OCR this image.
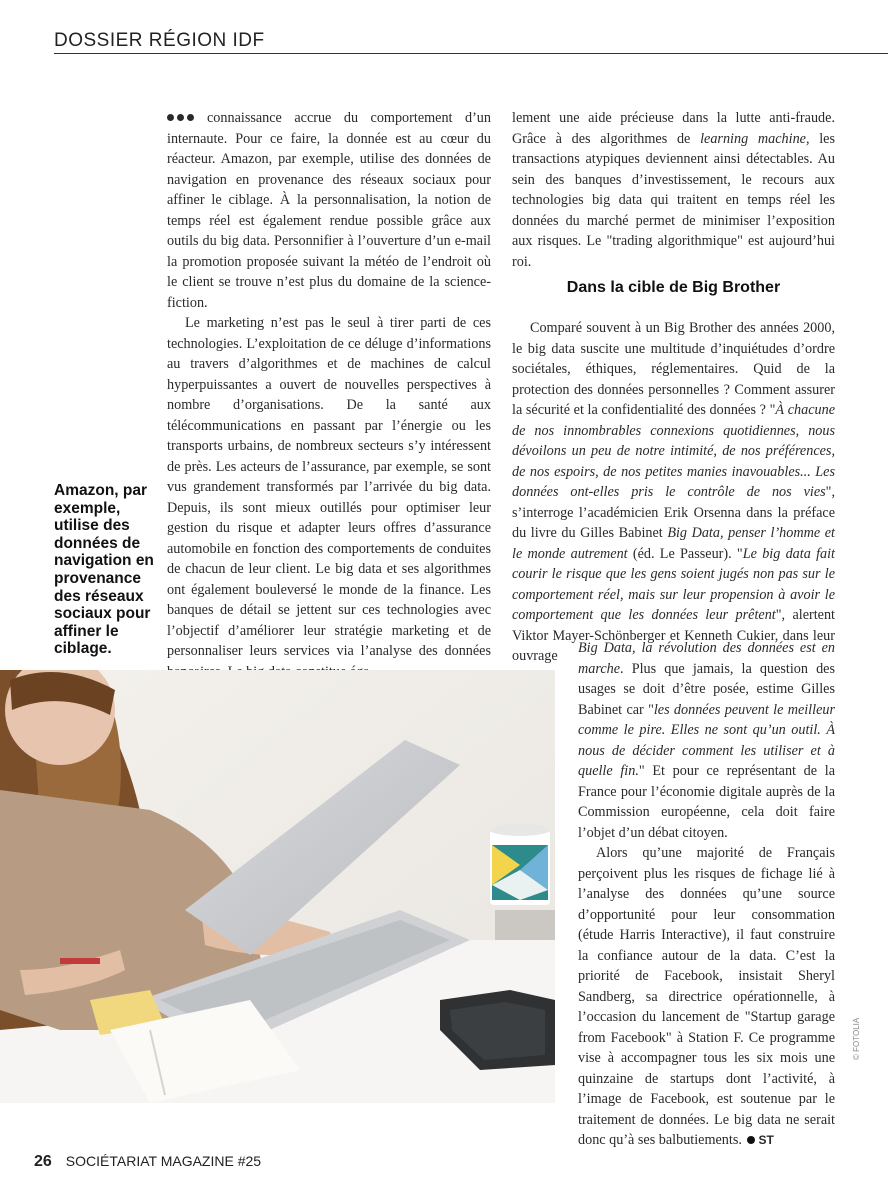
DOSSIER RÉGION IDF
Amazon, par exemple, utilise des données de navigation en provenance des réseaux sociaux pour affiner le ciblage.

connaissance accrue du comportement d’un internaute. Pour ce faire, la donnée est au cœur du réacteur. Amazon, par exemple, utilise des données de navigation en provenance des réseaux sociaux pour affiner le ciblage. À la personnalisation, la notion de temps réel est également rendue possible grâce aux outils du big data. Personnifier à l’ouverture d’un e-mail la promotion proposée suivant la météo de l’endroit où le client se trouve n’est plus du domaine de la science-fiction.

Le marketing n’est pas le seul à tirer parti de ces technologies. L’exploitation de ce déluge d’informations au travers d’algorithmes et de machines de calcul hyperpuissantes a ouvert de nouvelles perspectives à nombre d’organisations. De la santé aux télécommunications en passant par l’énergie ou les transports urbains, de nombreux secteurs s’y intéressent de près. Les acteurs de l’assurance, par exemple, se sont vus grandement transformés par l’arrivée du big data. Depuis, ils sont mieux outillés pour optimiser leur gestion du risque et adapter leurs offres d’assurance automobile en fonction des comportements de conduites de chacun de leur client. Le big data et ses algorithmes ont également bouleversé le monde de la finance. Les banques de détail se jettent sur ces technologies avec l’objectif d’améliorer leur stratégie marketing et de personnaliser leurs services via l’analyse des données

lement une aide précieuse dans la lutte anti-fraude. Grâce à des algorithmes de learning machine, les transactions atypiques deviennent ainsi détectables. Au sein des banques d’investissement, le recours aux technologies big data qui traitent en temps réel les données du marché permet de minimiser l’exposition aux risques. Le "trading algorithmique" est aujourd’hui roi.

Dans la cible de Big Brother

Comparé souvent à un Big Brother des années 2000, le big data suscite une multitude d’inquiétudes d’ordre sociétales, éthiques, réglementaires. Quid de la protection des données personnelles ? Comment assurer la sécurité et la confidentialité des données ? "À chacune de nos innombrables connexions quotidiennes, nous dévoilons un peu de notre intimité, de nos préférences, de nos espoirs, de nos petites manies inavouables... Les données ont-elles pris le contrôle de nos vies", s’interroge l’académicien Erik Orsenna dans la préface du livre du Gilles Babinet Big Data, penser l’homme et le monde autrement (éd. Le Passeur). "Le big data fait courir le risque que les gens soient jugés non pas sur le comportement réel, mais sur leur propension à avoir le comportement que les données leur prêtent", alertent Viktor Mayer-Schönberger et Kenneth Cukier, dans leur ouvrage	Big Data, la révolution des données est en marche. Plus que jamais, la question des usages se doit d’être posée, estime Gilles Babinet car "les données peuvent le meilleur comme le pire. Elles ne sont qu’un outil. À nous de décider comment les utiliser et à quelle fin." Et pour ce représentant de la France pour l’économie digitale auprès de la Commission européenne, cela doit faire l’objet d’un débat citoyen.

Alors qu’une majorité de Français perçoivent plus les risques de fichage lié à l’analyse des données qu’une source d’opportunité pour leur consommation (étude Harris Interactive), il faut construire la confiance autour de la data. C’est la priorité de Facebook, insistait Sheryl Sandberg, sa directrice opérationnelle, à l’occasion du lancement de "Startup garage from Facebook" à Station F. Ce programme vise à accompagner tous les six mois une quinzaine de startups dont l’activité, à l’image de Facebook, est soutenue par le traitement de données. Le big data ne serait donc qu’à ses balbutiements. ST

© FOTOLIA
26 SOCIÉTARIAT MAGAZINE #25
